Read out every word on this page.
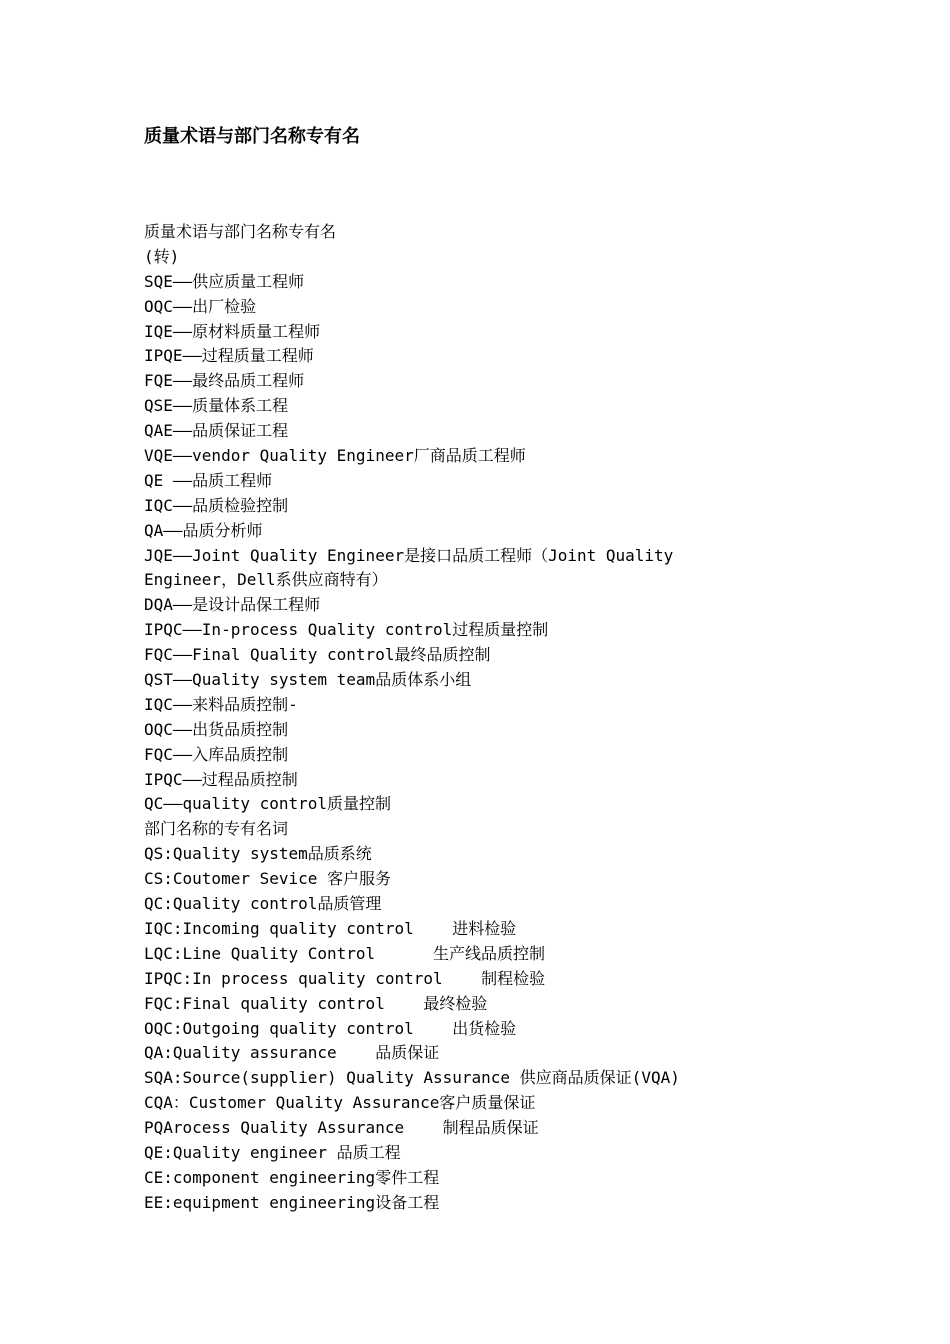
质量术语与部门名称专有名
质量术语与部门名称专有名
(转)
SQE——供应质量工程师
OQC——出厂检验
IQE——原材料质量工程师
IPQE——过程质量工程师
FQE——最终品质工程师
QSE——质量体系工程
QAE——品质保证工程
VQE——vendor Quality Engineer厂商品质工程师
QE ——品质工程师
IQC——品质检验控制
QA——品质分析师
JQE——Joint Quality Engineer是接口品质工程师（Joint Quality
Engineer，Dell系供应商特有）
DQA——是设计品保工程师
IPQC——In-process Quality control过程质量控制
FQC——Final Quality control最终品质控制
QST——Quality system team品质体系小组
IQC——来料品质控制-
OQC——出货品质控制
FQC——入库品质控制
IPQC——过程品质控制
QC——quality control质量控制
部门名称的专有名词
QS:Quality system品质系统
CS:Coutomer Sevice 客户服务
QC:Quality control品质管理
IQC:Incoming quality control    进料检验
LQC:Line Quality Control      生产线品质控制
IPQC:In process quality control    制程检验
FQC:Final quality control    最终检验
OQC:Outgoing quality control    出货检验
QA:Quality assurance    品质保证
SQA:Source(supplier) Quality Assurance 供应商品质保证(VQA)
CQA：Customer Quality Assurance客户质量保证
PQArocess Quality Assurance    制程品质保证
QE:Quality engineer 品质工程
CE:component engineering零件工程
EE:equipment engineering设备工程
